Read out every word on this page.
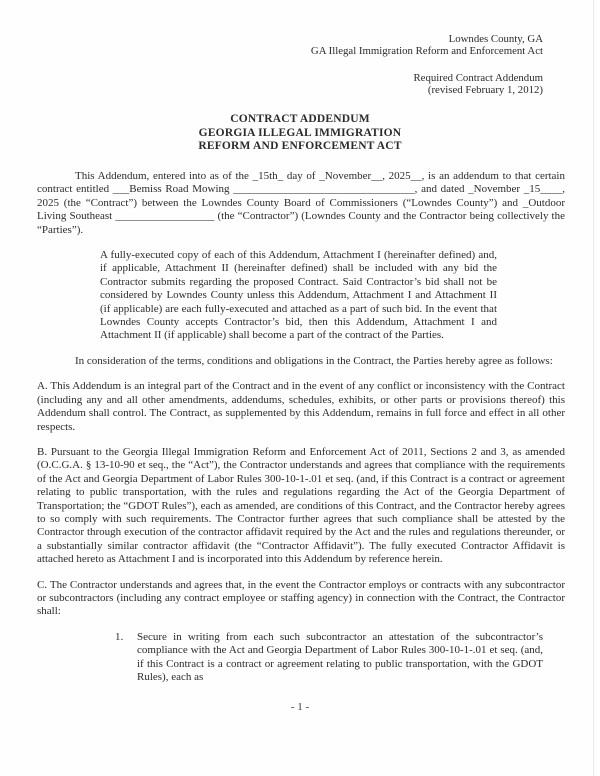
Lowndes County, GA
GA Illegal Immigration Reform and Enforcement Act
Required Contract Addendum
(revised February 1, 2012)
CONTRACT ADDENDUM
GEORGIA ILLEGAL IMMIGRATION
REFORM AND ENFORCEMENT ACT
This Addendum, entered into as of the _15th_ day of _November__, 2025__, is an addendum to that certain contract entitled ___Bemiss Road Mowing _________________________________, and dated _November _15____, 2025 (the “Contract”) between the Lowndes County Board of Commissioners (“Lowndes County”) and _Outdoor Living Southeast __________________ (the “Contractor”) (Lowndes County and the Contractor being collectively the “Parties”).
A fully-executed copy of each of this Addendum, Attachment I (hereinafter defined) and, if applicable, Attachment II (hereinafter defined) shall be included with any bid the Contractor submits regarding the proposed Contract. Said Contractor’s bid shall not be considered by Lowndes County unless this Addendum, Attachment I and Attachment II (if applicable) are each fully-executed and attached as a part of such bid. In the event that Lowndes County accepts Contractor’s bid, then this Addendum, Attachment I and Attachment II (if applicable) shall become a part of the contract of the Parties.
In consideration of the terms, conditions and obligations in the Contract, the Parties hereby agree as follows:
A. This Addendum is an integral part of the Contract and in the event of any conflict or inconsistency with the Contract (including any and all other amendments, addendums, schedules, exhibits, or other parts or provisions thereof) this Addendum shall control. The Contract, as supplemented by this Addendum, remains in full force and effect in all other respects.
B. Pursuant to the Georgia Illegal Immigration Reform and Enforcement Act of 2011, Sections 2 and 3, as amended (O.C.G.A. § 13-10-90 et seq., the “Act”), the Contractor understands and agrees that compliance with the requirements of the Act and Georgia Department of Labor Rules 300-10-1-.01 et seq. (and, if this Contract is a contract or agreement relating to public transportation, with the rules and regulations regarding the Act of the Georgia Department of Transportation; the “GDOT Rules”), each as amended, are conditions of this Contract, and the Contractor hereby agrees to so comply with such requirements. The Contractor further agrees that such compliance shall be attested by the Contractor through execution of the contractor affidavit required by the Act and the rules and regulations thereunder, or a substantially similar contractor affidavit (the “Contractor Affidavit”). The fully executed Contractor Affidavit is attached hereto as Attachment I and is incorporated into this Addendum by reference herein.
C. The Contractor understands and agrees that, in the event the Contractor employs or contracts with any subcontractor or subcontractors (including any contract employee or staffing agency) in connection with the Contract, the Contractor shall:
1.	Secure in writing from each such subcontractor an attestation of the subcontractor’s compliance with the Act and Georgia Department of Labor Rules 300-10-1-.01 et seq. (and, if this Contract is a contract or agreement relating to public transportation, with the GDOT Rules), each as
- 1 -
